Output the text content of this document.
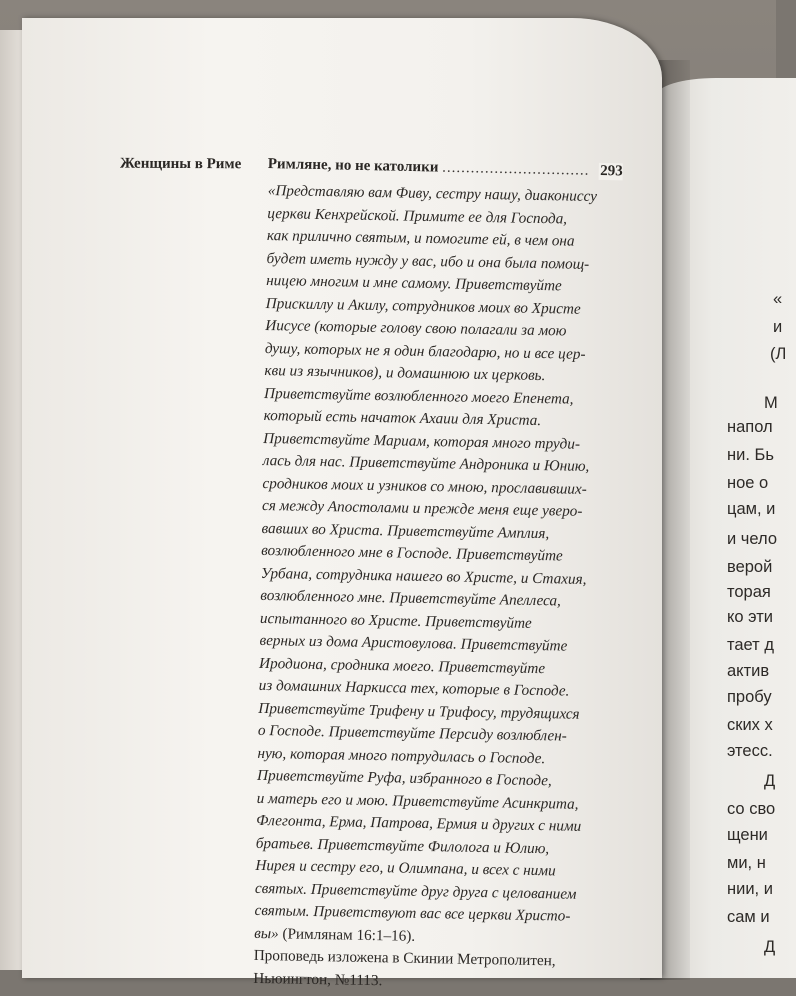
Женщины в Риме Римляне, но не католики ............................... 293
«Представляю вам Фиву, сестру нашу, диакониссу
церкви Кенхрейской. Примите ее для Господа,
как прилично святым, и помогите ей, в чем она
будет иметь нужду у вас, ибо и она была помощ-
ницею многим и мне самому. Приветствуйте
Прискиллу и Акилу, сотрудников моих во Христе
Иисусе (которые голову свою полагали за мою
душу, которых не я один благодарю, но и все цер-
кви из язычников), и домашнюю их церковь.
Приветствуйте возлюбленного моего Епенета,
который есть начаток Ахаии для Христа.
Приветствуйте Мариам, которая много труди-
лась для нас. Приветствуйте Андроника и Юнию,
сродников моих и узников со мною, прославивших-
ся между Апостолами и прежде меня еще уверо-
вавших во Христа. Приветствуйте Амплия,
возлюбленного мне в Господе. Приветствуйте
Урбана, сотрудника нашего во Христе, и Стахия,
возлюбленного мне. Приветствуйте Апеллеса,
испытанного во Христе. Приветствуйте
верных из дома Аристовулова. Приветствуйте
Иродиона, сродника моего. Приветствуйте
из домашних Наркисса тех, которые в Господе.
Приветствуйте Трифену и Трифосу, трудящихся
о Господе. Приветствуйте Персиду возлюблен-
ную, которая много потрудилась о Господе.
Приветствуйте Руфа, избранного в Господе,
и матерь его и мою. Приветствуйте Асинкрита,
Флегонта, Ерма, Патрова, Ермия и других с ними
братьев. Приветствуйте Филолога и Юлию,
Нирея и сестру его, и Олимпана, и всех с ними
святых. Приветствуйте друг друга с целованием
святым. Приветствуют вас все церкви Христо-
вы» (Римлянам 16:1–16).
Проповедь изложена в Скинии Метрополитен,
Ньюингтон, №1113.
«
и
(Л
М
напол
ни. Бь
ное о
цам, и
и чело
верой
торая
ко эти
тает д
актив
пробу
ских х
этесс.
Д
со сво
щени
ми, н
нии, и
сам и
Д
